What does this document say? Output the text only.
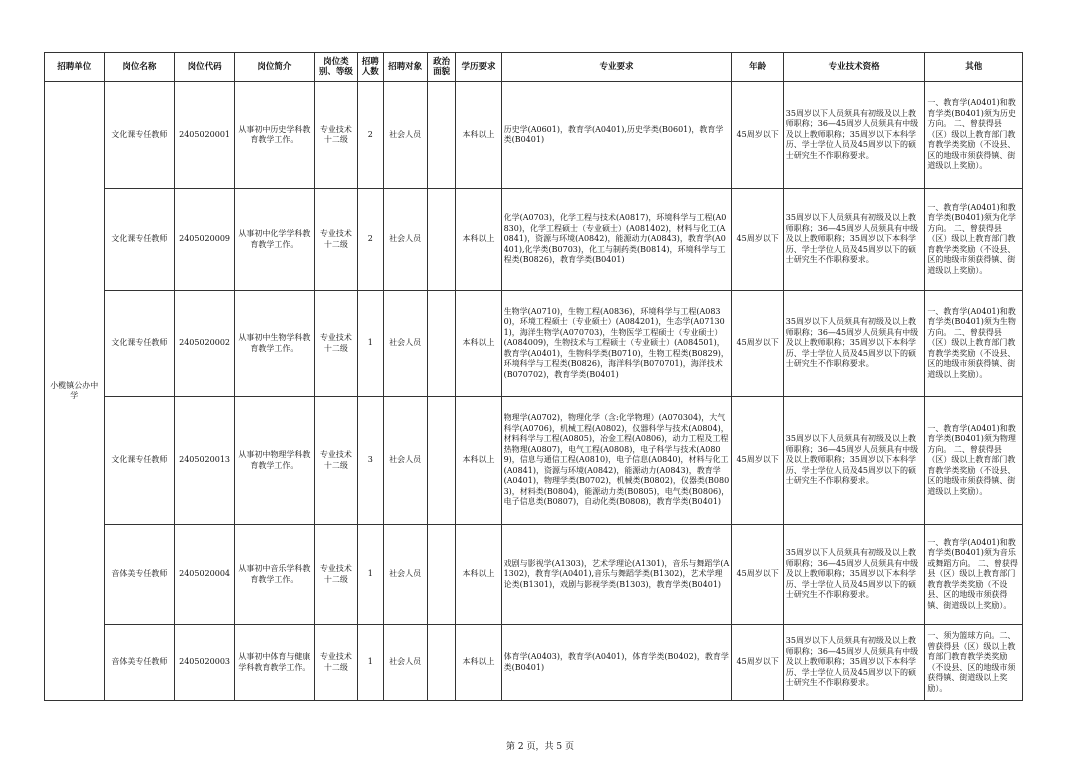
招聘单位	岗位名称	岗位代码	岗位简介	岗位类别、等级	招聘人数	招聘对象	政治面貌	学历要求	专业要求	年龄	专业技术资格	其他
小榄镇公办中学	文化课专任教师	2405020001	从事初中历史学科教育教学工作。	专业技术十二级	2	社会人员		本科以上	历史学(A0601)，教育学(A0401),历史学类(B0601)，教育学类(B0401)	45周岁以下	35周岁以下人员须具有初级及以上教师职称；36—45周岁人员须具有中级及以上教师职称；35周岁以下本科学历、学士学位人员及45周岁以下的硕士研究生不作职称要求。	一、教育学(A0401)和教育学类(B0401)须为历史方向。 二、曾获得县（区）级以上教育部门教育教学类奖励（不设县、区的地级市须获得镇、街道级以上奖励）。
	文化课专任教师	2405020009	从事初中化学学科教育教学工作。	专业技术十二级	2	社会人员		本科以上	化学(A0703)，化学工程与技术(A0817)，环境科学与工程(A0830)，化学工程硕士（专业硕士）(A081402)，材料与化工(A0841)，资源与环境(A0842)，能源动力(A0843)，教育学(A0401),化学类(B0703)，化工与制药类(B0814)，环境科学与工程类(B0826)，教育学类(B0401)	45周岁以下	35周岁以下人员须具有初级及以上教师职称；36—45周岁人员须具有中级及以上教师职称；35周岁以下本科学历、学士学位人员及45周岁以下的硕士研究生不作职称要求。	一、教育学(A0401)和教育学类(B0401)须为化学方向。 二、曾获得县（区）级以上教育部门教育教学类奖励（不设县、区的地级市须获得镇、街道级以上奖励）。
	文化课专任教师	2405020002	从事初中生物学科教育教学工作。	专业技术十二级	1	社会人员		本科以上	生物学(A0710)，生物工程(A0836)，环境科学与工程(A0830)，环境工程硕士（专业硕士）(A084201)，生态学(A071301)，海洋生物学(A070703)，生物医学工程硕士（专业硕士）(A084009)，生物技术与工程硕士（专业硕士）(A084501)，教育学(A0401)，生物科学类(B0710)，生物工程类(B0829)，环境科学与工程类(B0826)，海洋科学(B070701)，海洋技术(B070702)，教育学类(B0401)	45周岁以下	35周岁以下人员须具有初级及以上教师职称；36—45周岁人员须具有中级及以上教师职称；35周岁以下本科学历、学士学位人员及45周岁以下的硕士研究生不作职称要求。	一、教育学(A0401)和教育学类(B0401)须为生物方向。 二、曾获得县（区）级以上教育部门教育教学类奖励（不设县、区的地级市须获得镇、街道级以上奖励）。
	文化课专任教师	2405020013	从事初中物理学科教育教学工作。	专业技术十二级	3	社会人员		本科以上	物理学(A0702)，物理化学（含:化学物理）(A070304)，大气科学(A0706)，机械工程(A0802)，仪器科学与技术(A0804)，材料科学与工程(A0805)，冶金工程(A0806)，动力工程及工程热物理(A0807)，电气工程(A0808)，电子科学与技术(A0809)，信息与通信工程(A0810)，电子信息(A0840)，材料与化工(A0841)，资源与环境(A0842)，能源动力(A0843)，教育学(A0401)，物理学类(B0702)，机械类(B0802)，仪器类(B0803)，材料类(B0804)，能源动力类(B0805)，电气类(B0806)，电子信息类(B0807)，自动化类(B0808)，教育学类(B0401)	45周岁以下	35周岁以下人员须具有初级及以上教师职称；36—45周岁人员须具有中级及以上教师职称；35周岁以下本科学历、学士学位人员及45周岁以下的硕士研究生不作职称要求。	一、教育学(A0401)和教育学类(B0401)须为物理方向。 二、曾获得县（区）级以上教育部门教育教学类奖励（不设县、区的地级市须获得镇、街道级以上奖励）。
	音体美专任教师	2405020004	从事初中音乐学科教育教学工作。	专业技术十二级	1	社会人员		本科以上	戏剧与影视学(A1303)，艺术学理论(A1301)，音乐与舞蹈学(A1302)，教育学(A0401),音乐与舞蹈学类(B1302)，艺术学理论类(B1301)，戏剧与影视学类(B1303)，教育学类(B0401)	45周岁以下	35周岁以下人员须具有初级及以上教师职称；36—45周岁人员须具有中级及以上教师职称；35周岁以下本科学历、学士学位人员及45周岁以下的硕士研究生不作职称要求。	一、教育学(A0401)和教育学类(B0401)须为音乐或舞蹈方向。 二、曾获得县（区）级以上教育部门教育教学类奖励（不设县、区的地级市须获得镇、街道级以上奖励）。
	音体美专任教师	2405020003	从事初中体育与健康学科教育教学工作。	专业技术十二级	1	社会人员		本科以上	体育学(A0403)，教育学(A0401)，体育学类(B0402)，教育学类(B0401)	45周岁以下	35周岁以下人员须具有初级及以上教师职称；36—45周岁人员须具有中级及以上教师职称；35周岁以下本科学历、学士学位人员及45周岁以下的硕士研究生不作职称要求。	一、须为篮球方向。二、曾获得县（区）级以上教育部门教育教学类奖励（不设县、区的地级市须获得镇、街道级以上奖励）。
第 2 页，共 5 页
